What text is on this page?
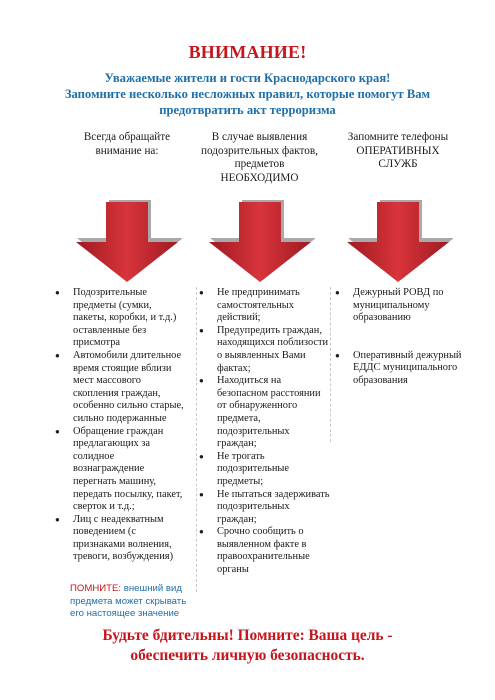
ВНИМАНИЕ!
Уважаемые жители и гости Краснодарского края!
Запомните несколько несложных правил, которые помогут Вам
предотвратить акт терроризма
Всегда обращайте
внимание на:
В случае выявления
подозрительных фактов,
предметов
НЕОБХОДИМО
Запомните телефоны
ОПЕРАТИВНЫХ
СЛУЖБ
● Подозрительные
предметы (сумки,
пакеты, коробки, и т.д.)
оставленные без
присмотра
● Автомобили длительное
время стоящие вблизи
мест массового
скопления граждан,
особенно сильно старые,
сильно подержанные
● Обращение граждан
предлагающих за
солидное
вознаграждение
перегнать машину,
передать посылку, пакет,
сверток и т.д.;
● Лиц с неадекватным
поведением (с
признаками волнения,
тревоги, возбуждения)
● Не предпринимать
самостоятельных
действий;
● Предупредить граждан,
находящихся поблизости
о выявленных Вами
фактах;
● Находиться на
безопасном расстоянии
от обнаруженного
предмета,
подозрительных
граждан;
● Не трогать
подозрительные
предметы;
● Не пытаться задерживать
подозрительных
граждан;
● Срочно сообщить о
выявленном факте в
правоохранительные
органы
● Дежурный РОВД по
муниципальному
образованию
● Оперативный дежурный
ЕДДС муниципального
образования
ПОМНИТЕ: внешний вид
предмета может скрывать
его настоящее значение
Будьте бдительны! Помните: Ваша цель -
обеспечить личную безопасность.
